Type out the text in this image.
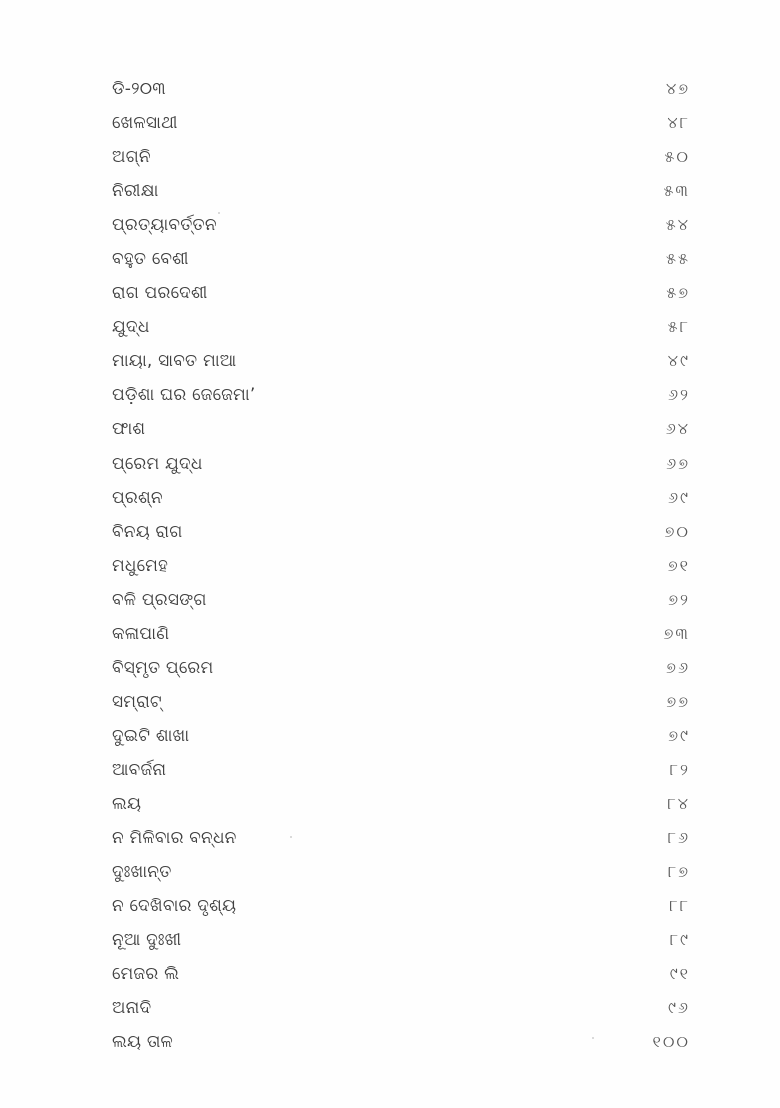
ଡି-୨୦୩	୪୭
ଖେଳସାଥୀ	୪୮
ଅଗ୍ନି	୫୦
ନିରୀକ୍ଷା	୫୩
ପ୍ରତ୍ୟାବର୍ତ୍ତନ	୫୪
ବହୁତ ବେଶୀ	୫୫
ରାଗ ପରଦେଶୀ	୫୭
ଯୁଦ୍ଧ	୫୮
ମାୟା, ସାବତ ମାଆ	୪୯
ପଡ଼ିଶା ଘର ଜେଜେମା’	୬୨
ଫାଶ	୬୪
ପ୍ରେମ ଯୁଦ୍ଧ	୬୭
ପ୍ରଶ୍ନ	୬୯
ବିନୟ ରାଗ	୭୦
ମଧୁମେହ	୭୧
ବଳି ପ୍ରସଙ୍ଗ	୭୨
କଳାପାଣି	୭୩
ବିସ୍ମୃତ ପ୍ରେମ	୭୬
ସମ୍ରାଟ୍	୭୭
ଦୁଇଟି ଶାଖା	୭୯
ଆବର୍ଜନା	୮୨
ଲୟ	୮୪
ନ ମିଳିବାର ବନ୍ଧନ	୮୬
ଦୁଃଖାନ୍ତ	୮୭
ନ ଦେଖିବାର ଦୃଶ୍ୟ	୮୮
ନୂଆ ଦୁଃଖୀ	୮୯
ମେଜର ଲି	୯୧
ଅନାଦି	୯୬
ଲୟ ତାଳ	୧୦୦
